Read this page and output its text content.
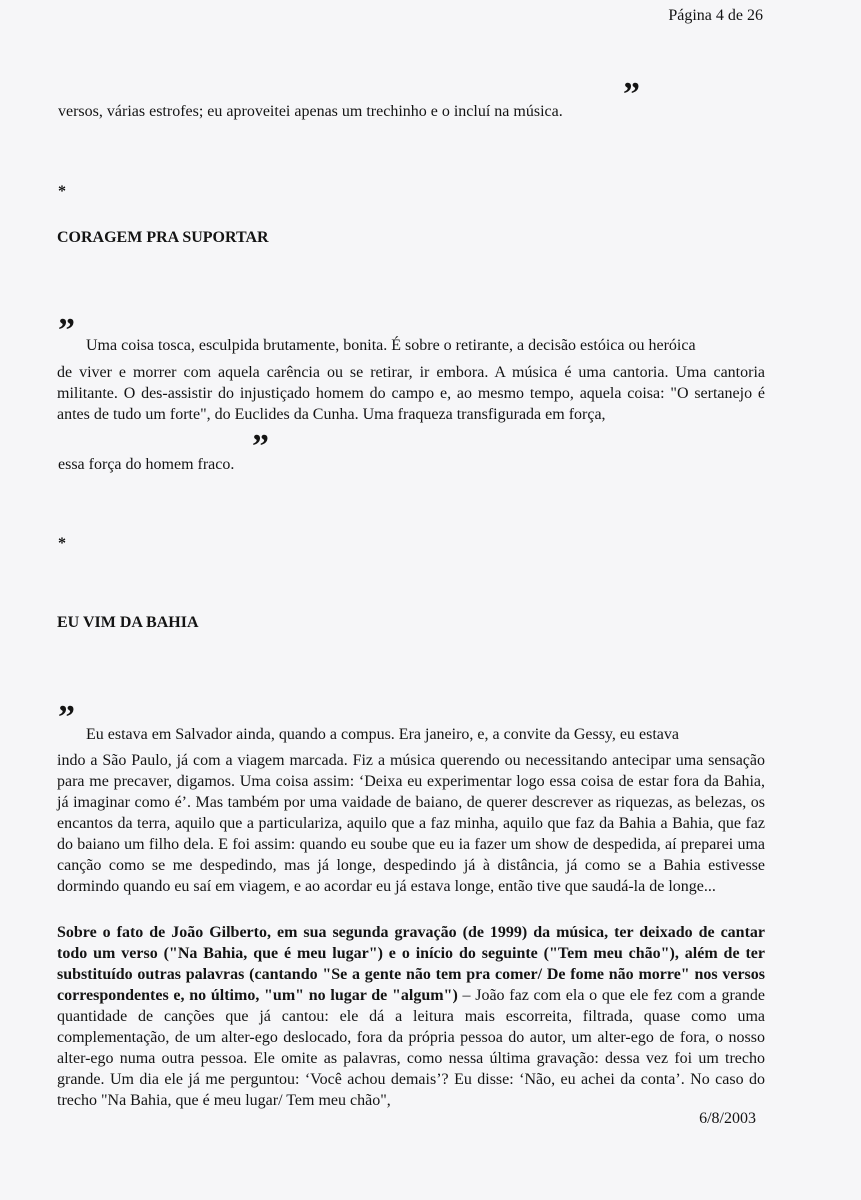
Página 4 de 26
”
versos, várias estrofes; eu aproveitei apenas um trechinho e o incluí na música.
*
CORAGEM PRA SUPORTAR
” Uma coisa tosca, esculpida brutamente, bonita. É sobre o retirante, a decisão estóica ou heróica

de viver e morrer com aquela carência ou se retirar, ir embora. A música é uma cantoria. Uma cantoria militante. O des-assistir do injustiçado homem do campo e, ao mesmo tempo, aquela coisa: "O sertanejo é antes de tudo um forte", do Euclides da Cunha. Uma fraqueza transfigurada em força,

”
essa força do homem fraco.
*
EU VIM DA BAHIA
” Eu estava em Salvador ainda, quando a compus. Era janeiro, e, a convite da Gessy, eu estava

indo a São Paulo, já com a viagem marcada. Fiz a música querendo ou necessitando antecipar uma sensação para me precaver, digamos. Uma coisa assim: ‘Deixa eu experimentar logo essa coisa de estar fora da Bahia, já imaginar como é’. Mas também por uma vaidade de baiano, de querer descrever as riquezas, as belezas, os encantos da terra, aquilo que a particulariza, aquilo que a faz minha, aquilo que faz da Bahia a Bahia, que faz do baiano um filho dela. E foi assim: quando eu soube que eu ia fazer um show de despedida, aí preparei uma canção como se me despedindo, mas já longe, despedindo já à distância, já como se a Bahia estivesse dormindo quando eu saí em viagem, e ao acordar eu já estava longe, então tive que saudá-la de longe...

Sobre o fato de João Gilberto, em sua segunda gravação (de 1999) da música, ter deixado de cantar todo um verso ("Na Bahia, que é meu lugar") e o início do seguinte ("Tem meu chão"), além de ter substituído outras palavras (cantando "Se a gente não tem pra comer/ De fome não morre" nos versos correspondentes e, no último, "um" no lugar de "algum") – João faz com ela o que ele fez com a grande quantidade de canções que já cantou: ele dá a leitura mais escorreita, filtrada, quase como uma complementação, de um alter-ego deslocado, fora da própria pessoa do autor, um alter-ego de fora, o nosso alter-ego numa outra pessoa. Ele omite as palavras, como nessa última gravação: dessa vez foi um trecho grande. Um dia ele já me perguntou: ‘Você achou demais’? Eu disse: ‘Não, eu achei da conta’. No caso do trecho "Na Bahia, que é meu lugar/ Tem meu chão",

6/8/2003
